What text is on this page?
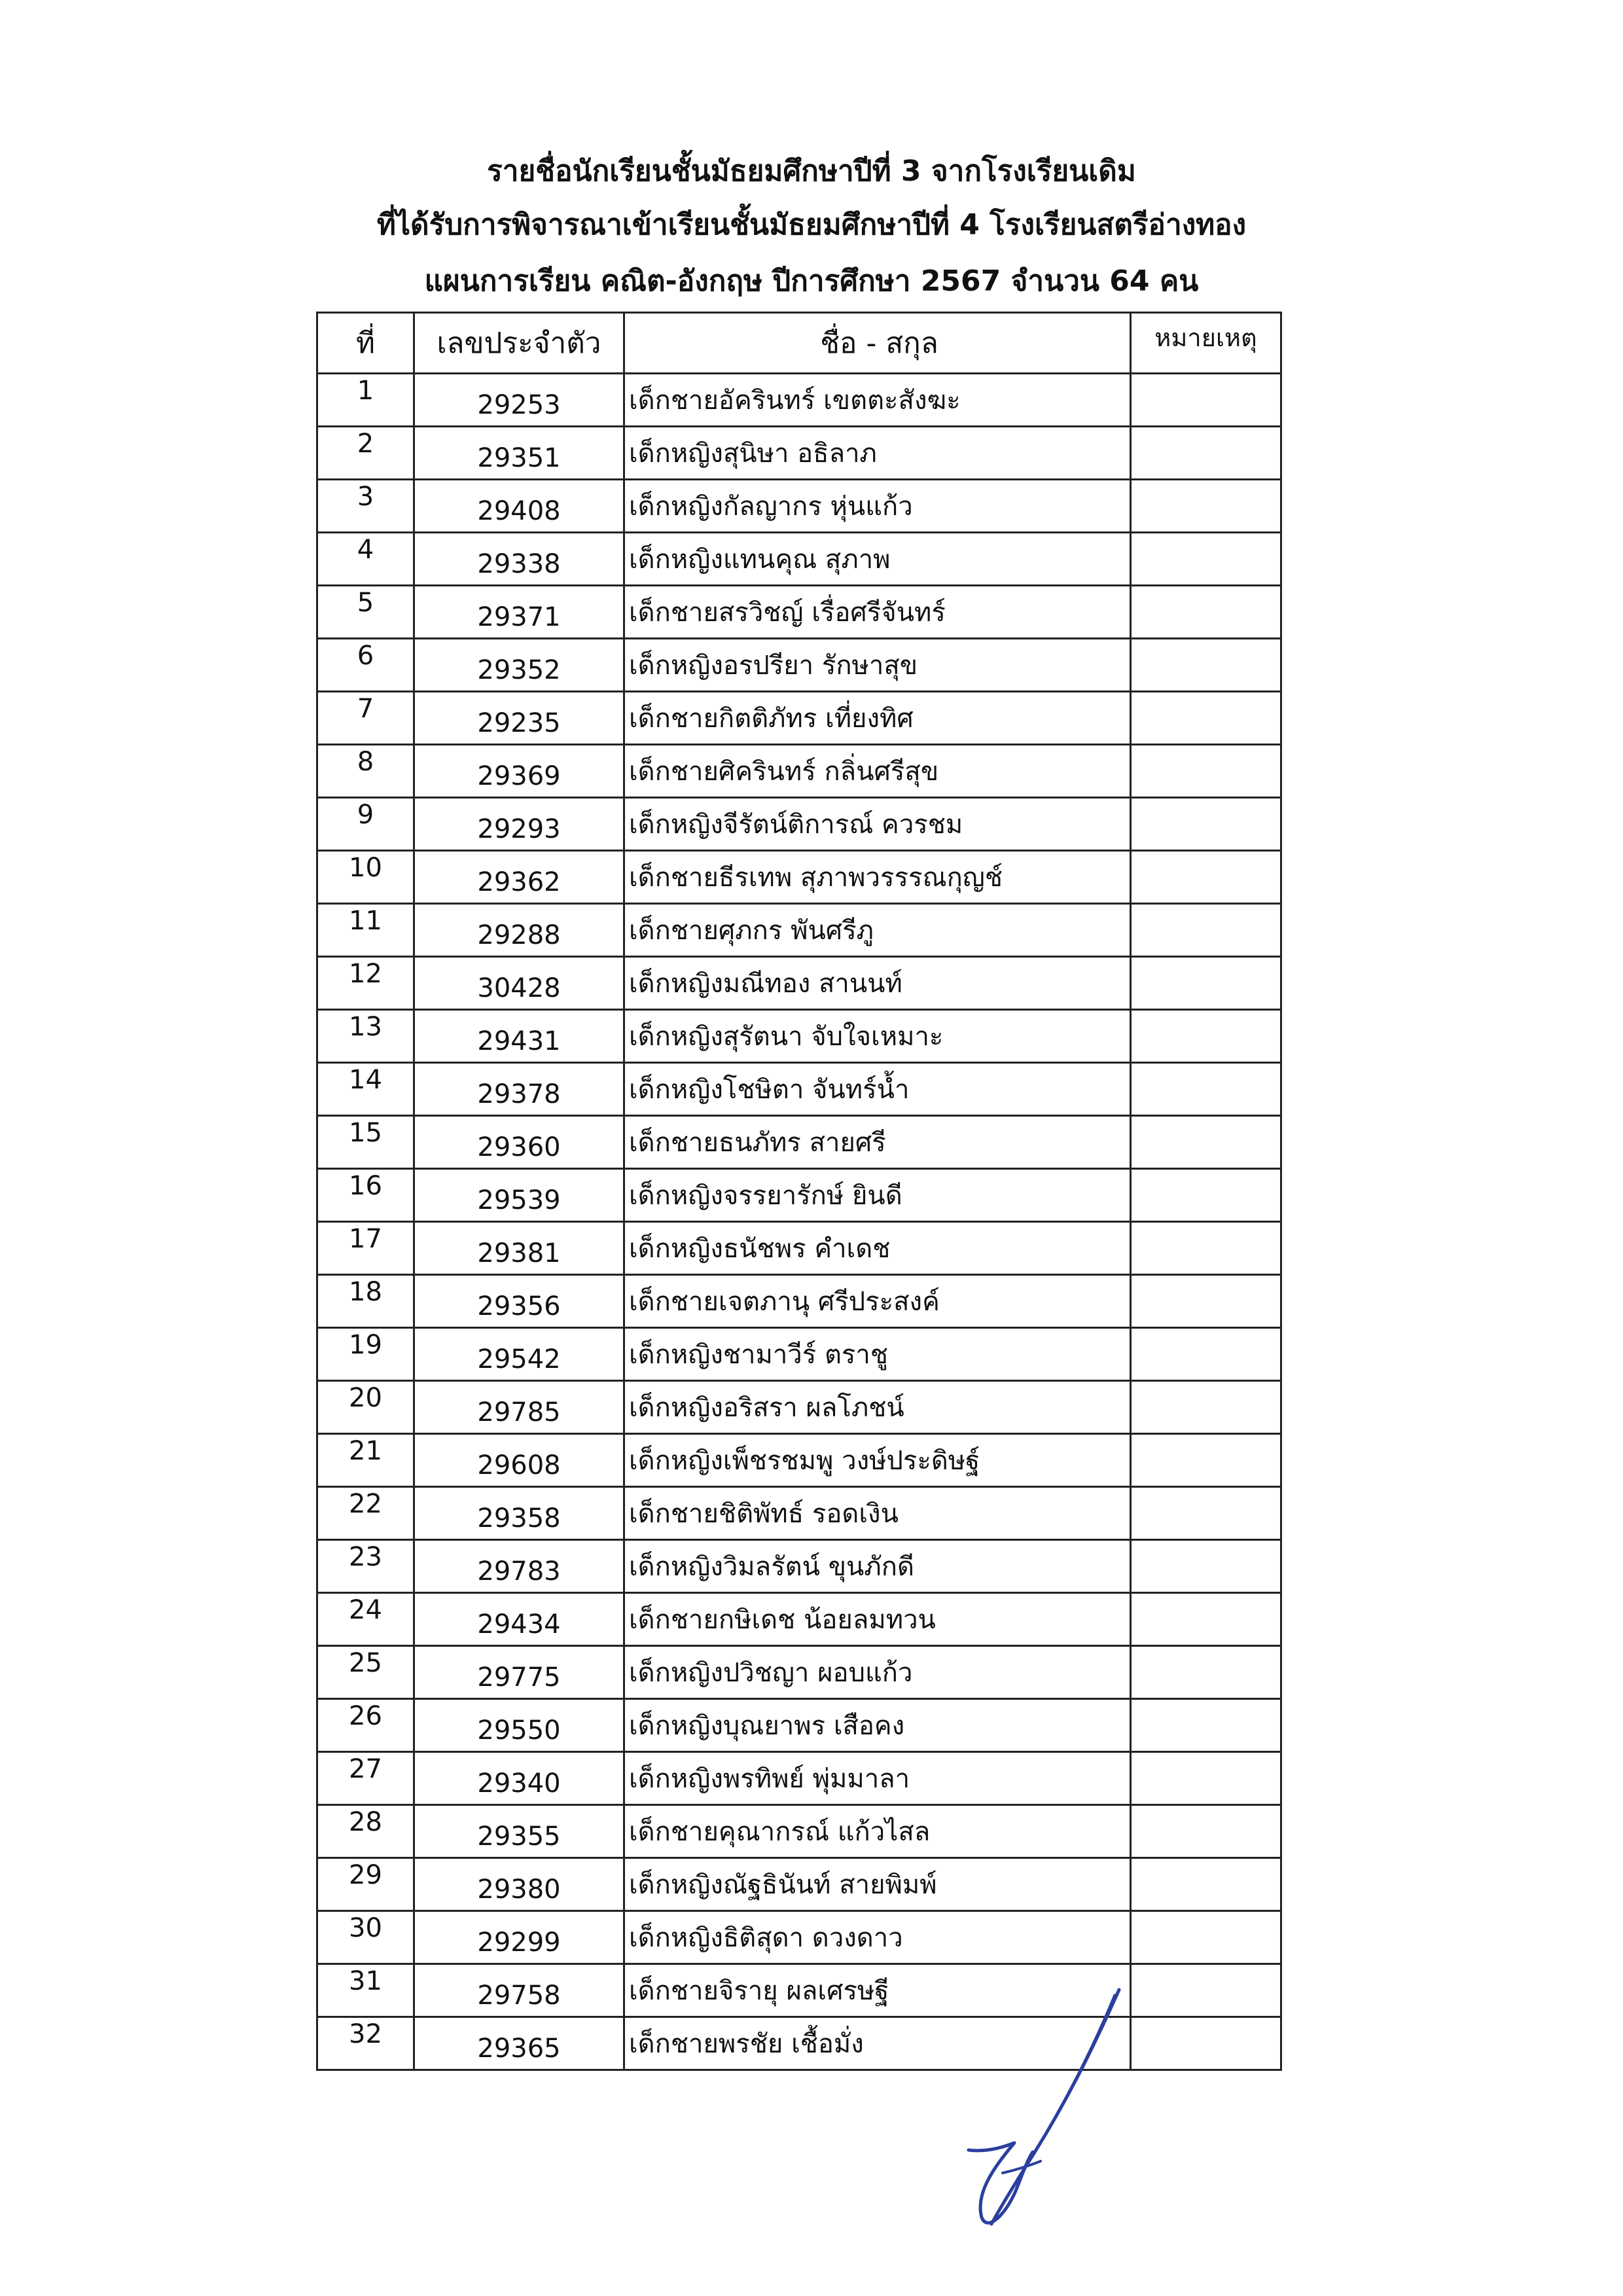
รายชื่อนักเรียนชั้นมัธยมศึกษาปีที่ 3 จากโรงเรียนเดิม
ที่ได้รับการพิจารณาเข้าเรียนชั้นมัธยมศึกษาปีที่ 4 โรงเรียนสตรีอ่างทอง
แผนการเรียน คณิต-อังกฤษ ปีการศึกษา 2567 จำนวน 64 คน
ที่	เลขประจำตัว	ชื่อ - สกุล	หมายเหตุ
1	29253	เด็กชายอัครินทร์ เขตตะสังฆะ	
2	29351	เด็กหญิงสุนิษา อธิลาภ	
3	29408	เด็กหญิงกัลญากร หุ่นแก้ว	
4	29338	เด็กหญิงแทนคุณ สุภาพ	
5	29371	เด็กชายสรวิชญ์ เรื่อศรีจันทร์	
6	29352	เด็กหญิงอรปรียา รักษาสุข	
7	29235	เด็กชายกิตติภัทร เที่ยงทิศ	
8	29369	เด็กชายศิครินทร์ กลิ่นศรีสุข	
9	29293	เด็กหญิงจีรัตน์ติการณ์ ควรชม	
10	29362	เด็กชายธีรเทพ สุภาพวรรรณกุญช์	
11	29288	เด็กชายศุภกร พันศรีภู	
12	30428	เด็กหญิงมณีทอง สานนท์	
13	29431	เด็กหญิงสุรัตนา จับใจเหมาะ	
14	29378	เด็กหญิงโชษิตา จันทร์น้ำ	
15	29360	เด็กชายธนภัทร สายศรี	
16	29539	เด็กหญิงจรรยารักษ์ ยินดี	
17	29381	เด็กหญิงธนัชพร คำเดช	
18	29356	เด็กชายเจตภานุ ศรีประสงค์	
19	29542	เด็กหญิงชามาวีร์ ตราชู	
20	29785	เด็กหญิงอริสรา ผลโภชน์	
21	29608	เด็กหญิงเพ็ชรชมพู วงษ์ประดิษฐ์	
22	29358	เด็กชายชิติพัทธ์ รอดเงิน	
23	29783	เด็กหญิงวิมลรัตน์ ขุนภักดี	
24	29434	เด็กชายกษิเดช น้อยลมทวน	
25	29775	เด็กหญิงปวิชญา ผอบแก้ว	
26	29550	เด็กหญิงบุณยาพร เสือคง	
27	29340	เด็กหญิงพรทิพย์ พุ่มมาลา	
28	29355	เด็กชายคุณากรณ์ แก้วไสล	
29	29380	เด็กหญิงณัฐธินันท์ สายพิมพ์	
30	29299	เด็กหญิงธิติสุดา ดวงดาว	
31	29758	เด็กชายจิรายุ ผลเศรษฐี	
32	29365	เด็กชายพรชัย เชื้อมั่ง	
